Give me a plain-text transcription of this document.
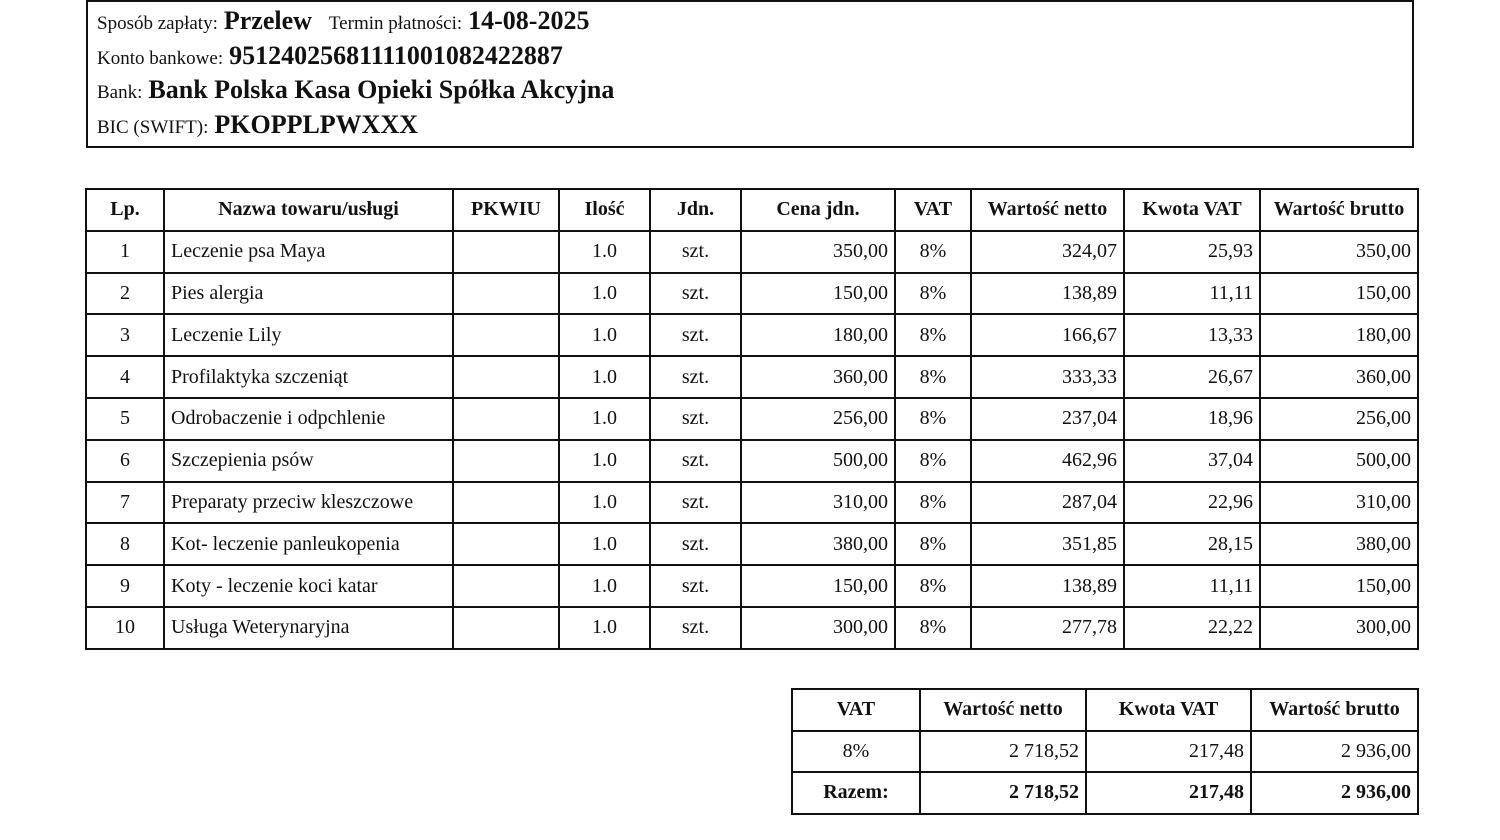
Sposób zapłaty: Przelew Termin płatności: 14-08-2025
Konto bankowe: 95124025681111001082422887
Bank: Bank Polska Kasa Opieki Spółka Akcyjna
BIC (SWIFT): PKOPPLPWXXX
Lp.	Nazwa towaru/usługi	PKWIU	Ilość	Jdn.	Cena jdn.	VAT	Wartość netto	Kwota VAT	Wartość brutto
1	Leczenie psa Maya		1.0	szt.	350,00	8%	324,07	25,93	350,00
2	Pies alergia		1.0	szt.	150,00	8%	138,89	11,11	150,00
3	Leczenie Lily		1.0	szt.	180,00	8%	166,67	13,33	180,00
4	Profilaktyka szczeniąt		1.0	szt.	360,00	8%	333,33	26,67	360,00
5	Odrobaczenie i odpchlenie		1.0	szt.	256,00	8%	237,04	18,96	256,00
6	Szczepienia psów		1.0	szt.	500,00	8%	462,96	37,04	500,00
7	Preparaty przeciw kleszczowe		1.0	szt.	310,00	8%	287,04	22,96	310,00
8	Kot- leczenie panleukopenia		1.0	szt.	380,00	8%	351,85	28,15	380,00
9	Koty - leczenie koci katar		1.0	szt.	150,00	8%	138,89	11,11	150,00
10	Usługa Weterynaryjna		1.0	szt.	300,00	8%	277,78	22,22	300,00
VAT	Wartość netto	Kwota VAT	Wartość brutto
8%	2 718,52	217,48	2 936,00
Razem:	2 718,52	217,48	2 936,00
